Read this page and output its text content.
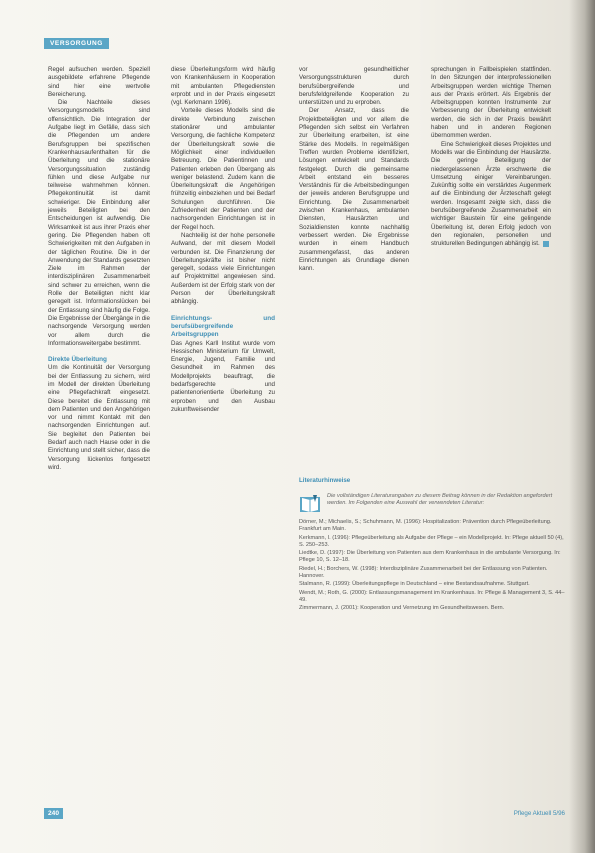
VERSORGUNG

Regel aufsuchen werden. Speziell ausgebildete erfahrene Pflegende sind hier eine wertvolle Bereicherung.

Die Nachteile dieses Versorgungsmodells sind offensichtlich. Die Integration der Aufgabe liegt im Gefälle, dass sich die Pflegenden um andere Berufsgruppen bei spezifischen Krankenhausaufenthalten für die Überleitung und die stationäre Versorgungssituation zuständig fühlen und diese Aufgabe nur teilweise wahrnehmen können. Pflegekontinuität ist damit schwieriger. Die Einbindung aller jeweils Beteiligten bei den Entscheidungen ist aufwendig. Die Wirksamkeit ist aus ihrer Praxis eher gering. Die Pflegenden haben oft Schwierigkeiten mit den Aufgaben in der täglichen Routine. Die in der Anwendung der Standards gesetzten Ziele im Rahmen der interdisziplinären Zusammenarbeit sind schwer zu erreichen, wenn die Rolle der Beteiligten nicht klar geregelt ist. Informationslücken bei der Entlassung sind häufig die Folge. Die Ergebnisse der Übergänge in die nachsorgende Versorgung werden vor allem durch die Informationsweitergabe bestimmt.

Direkte Überleitung

Um die Kontinuität der Versorgung bei der Entlassung zu sichern, wird im Modell der direkten Überleitung eine Pflegefachkraft eingesetzt. Diese bereitet die Entlassung mit dem Patienten und den Angehörigen vor und nimmt Kontakt mit den nachsorgenden Einrichtungen auf. Sie begleitet den Patienten bei Bedarf auch nach Hause oder in die Einrichtung und stellt sicher, dass die Versorgung lückenlos fortgesetzt wird.

diese Überleitungsform wird häufig von Krankenhäusern in Kooperation mit ambulanten Pflegediensten erprobt und in der Praxis eingesetzt (vgl. Kerkmann 1996).

Vorteile dieses Modells sind die direkte Verbindung zwischen stationärer und ambulanter Versorgung, die fachliche Kompetenz der Überleitungskraft sowie die Möglichkeit einer individuellen Betreuung. Die Patientinnen und Patienten erleben den Übergang als weniger belastend. Zudem kann die Überleitungskraft die Angehörigen frühzeitig einbeziehen und bei Bedarf Schulungen durchführen. Die Zufriedenheit der Patienten und der nachsorgenden Einrichtungen ist in der Regel hoch.

Nachteilig ist der hohe personelle Aufwand, der mit diesem Modell verbunden ist. Die Finanzierung der Überleitungskräfte ist bisher nicht geregelt, sodass viele Einrichtungen auf Projektmittel angewiesen sind. Außerdem ist der Erfolg stark von der Person der Überleitungskraft abhängig.

Einrichtungs- und berufsübergreifende Arbeitsgruppen

Das Agnes Karll Institut wurde vom Hessischen Ministerium für Umwelt, Energie, Jugend, Familie und Gesundheit im Rahmen des Modellprojekts beauftragt, die bedarfsgerechte und patientenorientierte Überleitung zu erproben und den Ausbau zukunftweisender

vor gesundheitlicher Versorgungsstrukturen durch berufsübergreifende und berufsfeldgreifende Kooperation zu unterstützen und zu erproben.

Der Ansatz, dass die Projektbeteiligten und vor allem die Pflegenden sich selbst ein Verfahren zur Überleitung erarbeiten, ist eine Stärke des Modells. In regelmäßigen Treffen wurden Probleme identifiziert, Lösungen entwickelt und Standards festgelegt. Durch die gemeinsame Arbeit entstand ein besseres Verständnis für die Arbeitsbedingungen der jeweils anderen Berufsgruppe und Einrichtung. Die Zusammenarbeit zwischen Krankenhaus, ambulanten Diensten, Hausärzten und Sozialdiensten konnte nachhaltig verbessert werden. Die Ergebnisse wurden in einem Handbuch zusammengefasst, das anderen Einrichtungen als Grundlage dienen kann.

sprechungen in Fallbeispielen stattfinden. In den Sitzungen der interprofessionellen Arbeitsgruppen werden wichtige Themen aus der Praxis erörtert. Als Ergebnis der Arbeitsgruppen konnten Instrumente zur Verbesserung der Überleitung entwickelt werden, die sich in der Praxis bewährt haben und in anderen Regionen übernommen werden.

Eine Schwierigkeit dieses Projektes und Modells war die Einbindung der Hausärzte. Die geringe Beteiligung der niedergelassenen Ärzte erschwerte die Umsetzung einiger Vereinbarungen. Zukünftig sollte ein verstärktes Augenmerk auf die Einbindung der Ärzteschaft gelegt werden. Insgesamt zeigte sich, dass die berufsübergreifende Zusammenarbeit ein wichtiger Baustein für eine gelingende Überleitung ist, deren Erfolg jedoch von den regionalen, personellen und strukturellen Bedingungen abhängig ist.

Literaturhinweise
Die vollständigen Literaturangaben zu diesem Beitrag können in der Redaktion angefordert werden. Im Folgenden eine Auswahl der verwendeten Literatur:

Dörner, M.; Michaelis, S.; Schuhmann, M. (1996): Hospitalization: Prävention durch Pflegeüberleitung. Frankfurt am Main.

Kerkmann, I. (1996): Pflegeüberleitung als Aufgabe der Pflege – ein Modellprojekt. In: Pflege aktuell 50 (4), S. 250–253.

Liedtke, D. (1997): Die Überleitung von Patienten aus dem Krankenhaus in die ambulante Versorgung. In: Pflege 10, S. 12–18.

Riedel, H.; Borchers, W. (1998): Interdisziplinäre Zusammenarbeit bei der Entlassung von Patienten. Hannover.

Stalmann, R. (1999): Überleitungspflege in Deutschland – eine Bestandsaufnahme. Stuttgart.

Wendt, M.; Roth, G. (2000): Entlassungsmanagement im Krankenhaus. In: Pflege & Management 3, S. 44–49.

Zimmermann, J. (2001): Kooperation und Vernetzung im Gesundheitswesen. Bern.

240	Pflege Aktuell 5/96
